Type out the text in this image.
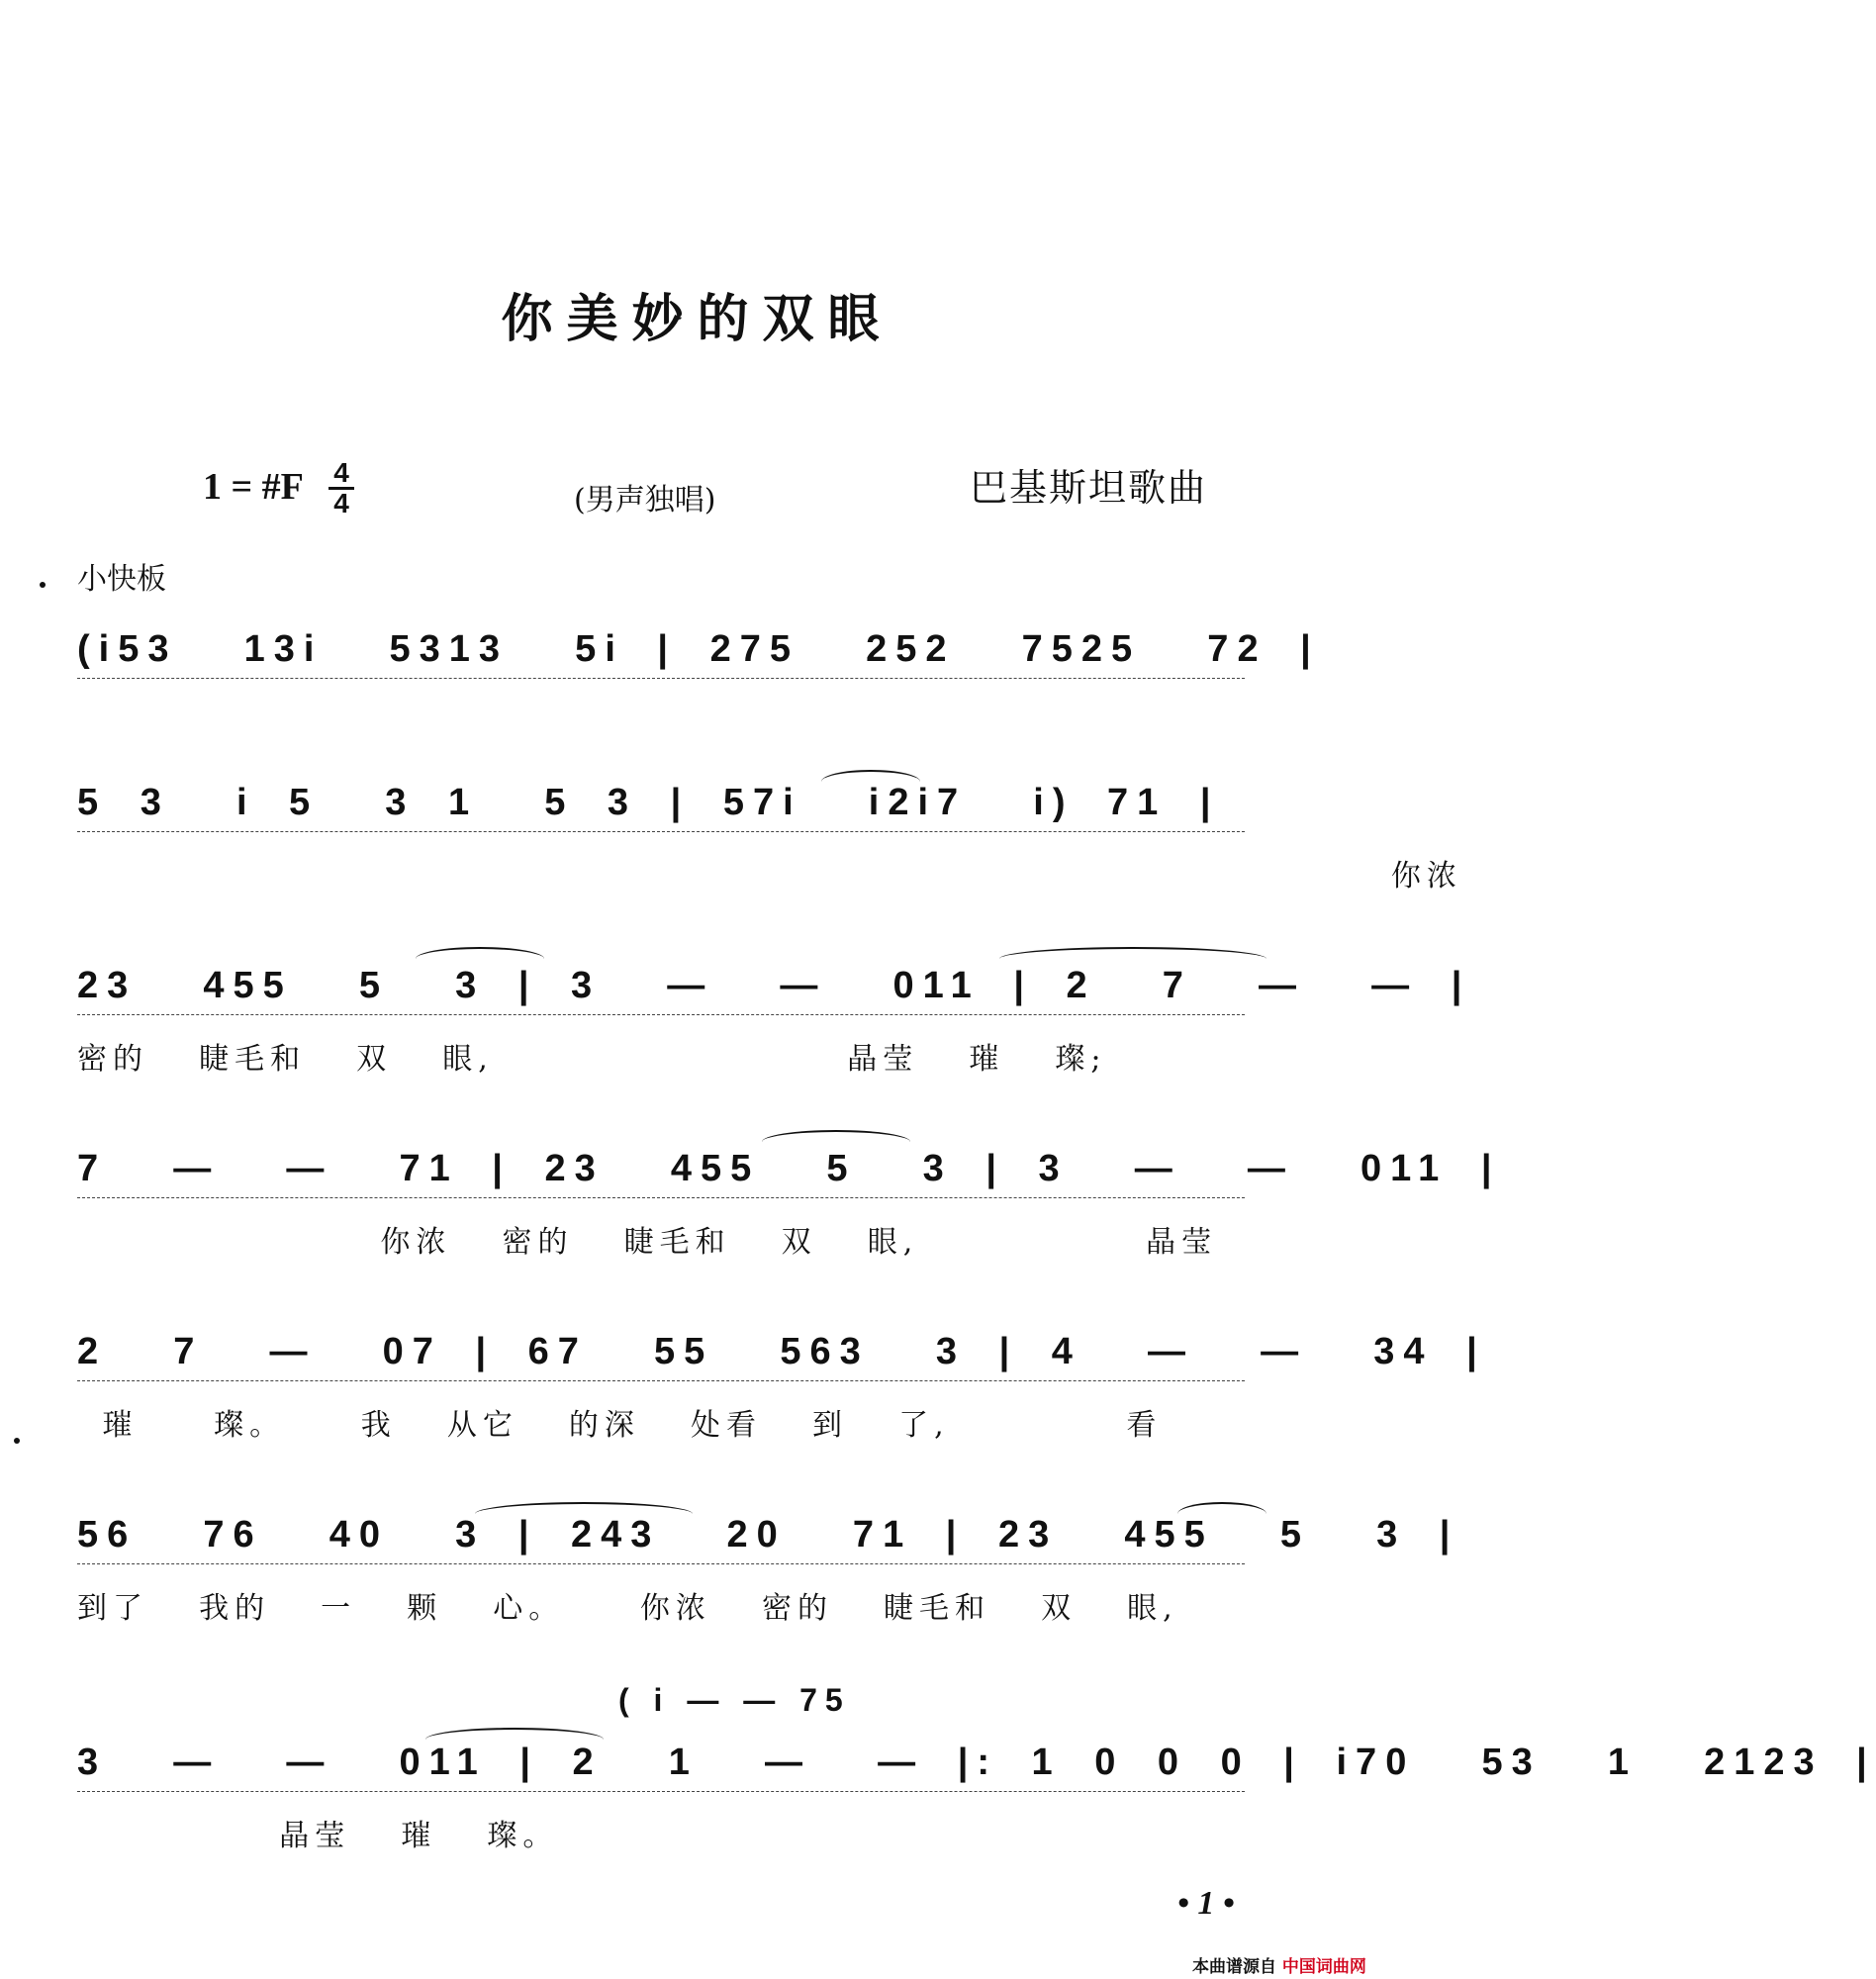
你美妙的双眼
1 = #F 4
4	(男声独唱)	巴基斯坦歌曲
小快板
(i53  13i  5313  5i | 275  252  7525  72 |
5 3  i 5  3 1  5 3 | 57i  i2i7  i) 71 |
你浓
23  455  5  3 | 3  —  —  011 | 2  7  —  — |
密的  睫毛和  双  眼,              晶莹  璀  璨;
7  —  —  71 | 23  455  5  3 | 3  —  —  011 |
你浓  密的  睫毛和  双  眼,         晶莹
2  7  —  07 | 67  55  563  3 | 4  —  —  34 |
璀   璨。   我  从它  的深  处看  到  了,       看
56  76  40  3 | 243  20  71 | 23  455  5  3 |
到了  我的  一  颗  心。   你浓  密的  睫毛和  双  眼,
( i — — 75
3  —  —  011 | 2  1  —  — |: 1 0 0 0 | i70  53  1  2123 |
晶莹  璀  璨。
• 1 •
本曲谱源自 中国词曲网
